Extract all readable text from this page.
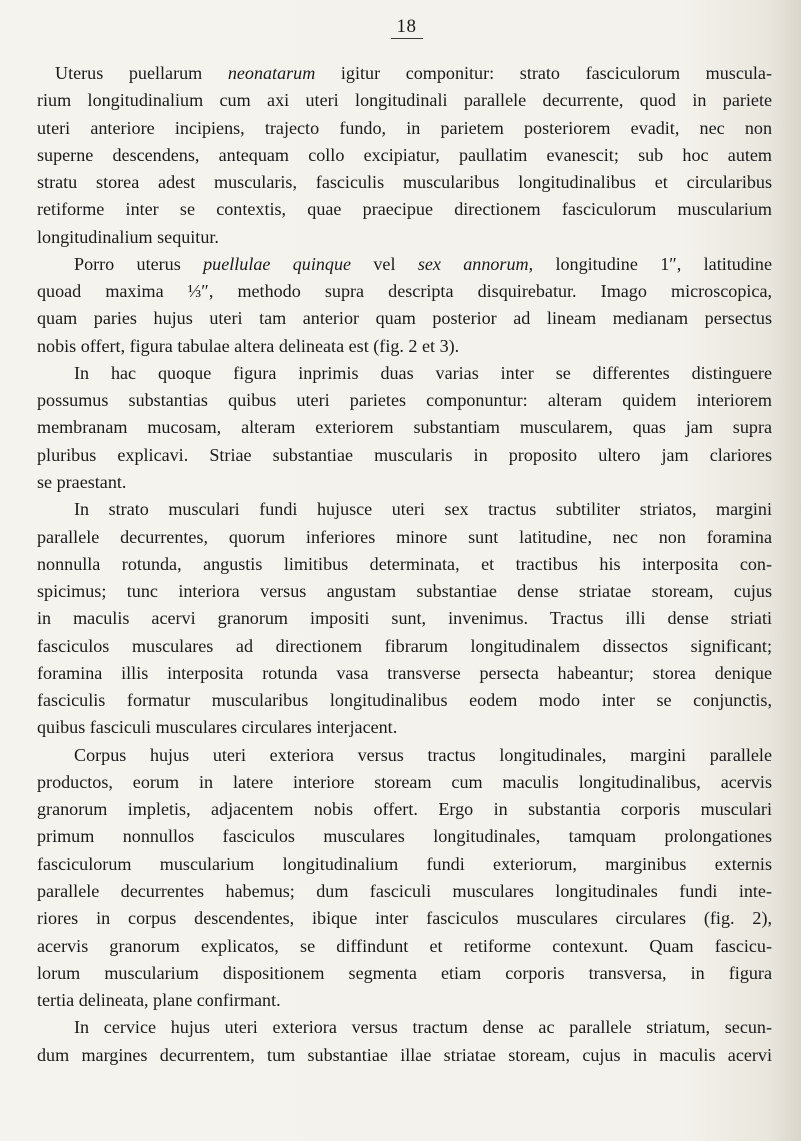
18
Uterus puellarum neonatarum igitur componitur: strato fasciculorum muscula-
rium longitudinalium cum axi uteri longitudinali parallele decurrente, quod in pariete
uteri anteriore incipiens, trajecto fundo, in parietem posteriorem evadit, nec non
superne descendens, antequam collo excipiatur, paullatim evanescit; sub hoc autem
stratu storea adest muscularis, fasciculis muscularibus longitudinalibus et circularibus
retiforme inter se contextis, quae praecipue directionem fasciculorum muscularium
longitudinalium sequitur.
Porro uterus puellulae quinque vel sex annorum, longitudine 1″, latitudine
quoad maxima ⅓″, methodo supra descripta disquirebatur. Imago microscopica,
quam paries hujus uteri tam anterior quam posterior ad lineam medianam persectus
nobis offert, figura tabulae altera delineata est (fig. 2 et 3).
In hac quoque figura inprimis duas varias inter se differentes distinguere
possumus substantias quibus uteri parietes componuntur: alteram quidem interiorem
membranam mucosam, alteram exteriorem substantiam muscularem, quas jam supra
pluribus explicavi. Striae substantiae muscularis in proposito ultero jam clariores
se praestant.
In strato musculari fundi hujusce uteri sex tractus subtiliter striatos, margini
parallele decurrentes, quorum inferiores minore sunt latitudine, nec non foramina
nonnulla rotunda, angustis limitibus determinata, et tractibus his interposita con-
spicimus; tunc interiora versus angustam substantiae dense striatae stoream, cujus
in maculis acervi granorum impositi sunt, invenimus. Tractus illi dense striati
fasciculos musculares ad directionem fibrarum longitudinalem dissectos significant;
foramina illis interposita rotunda vasa transverse persecta habeantur; storea denique
fasciculis formatur muscularibus longitudinalibus eodem modo inter se conjunctis,
quibus fasciculi musculares circulares interjacent.
Corpus hujus uteri exteriora versus tractus longitudinales, margini parallele
productos, eorum in latere interiore stoream cum maculis longitudinalibus, acervis
granorum impletis, adjacentem nobis offert. Ergo in substantia corporis musculari
primum nonnullos fasciculos musculares longitudinales, tamquam prolongationes
fasciculorum muscularium longitudinalium fundi exteriorum, marginibus externis
parallele decurrentes habemus; dum fasciculi musculares longitudinales fundi inte-
riores in corpus descendentes, ibique inter fasciculos musculares circulares (fig. 2),
acervis granorum explicatos, se diffindunt et retiforme contexunt. Quam fascicu-
lorum muscularium dispositionem segmenta etiam corporis transversa, in figura
tertia delineata, plane confirmant.
In cervice hujus uteri exteriora versus tractum dense ac parallele striatum, secun-
dum margines decurrentem, tum substantiae illae striatae stoream, cujus in maculis acervi
